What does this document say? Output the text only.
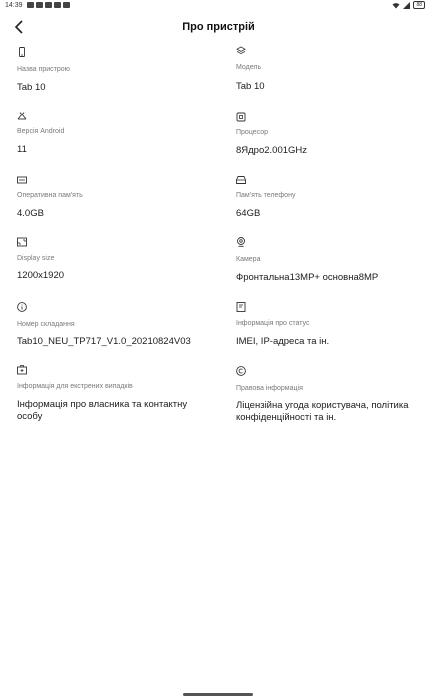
14:39	88
Про пристрій
Назва пристрою
Tab 10
Версія Android
11
Оперативна пам'ять
4.0GB
Display size
1200x1920
Номер складання
Tab10_NEU_TP717_V1.0_20210824V03
Інформація для екстрених випадків
Інформація про власника та контактну особу
Модель
Tab 10
Процесор
8Ядро2.001GHz
Пам'ять телефону
64GB
Камера
Фронтальна13MP+ основна8MP
Інформація про статус
IMEI, IP-адреса та ін.
Правова інформація
Ліцензійна угода користувача, політика конфіденційності та ін.
